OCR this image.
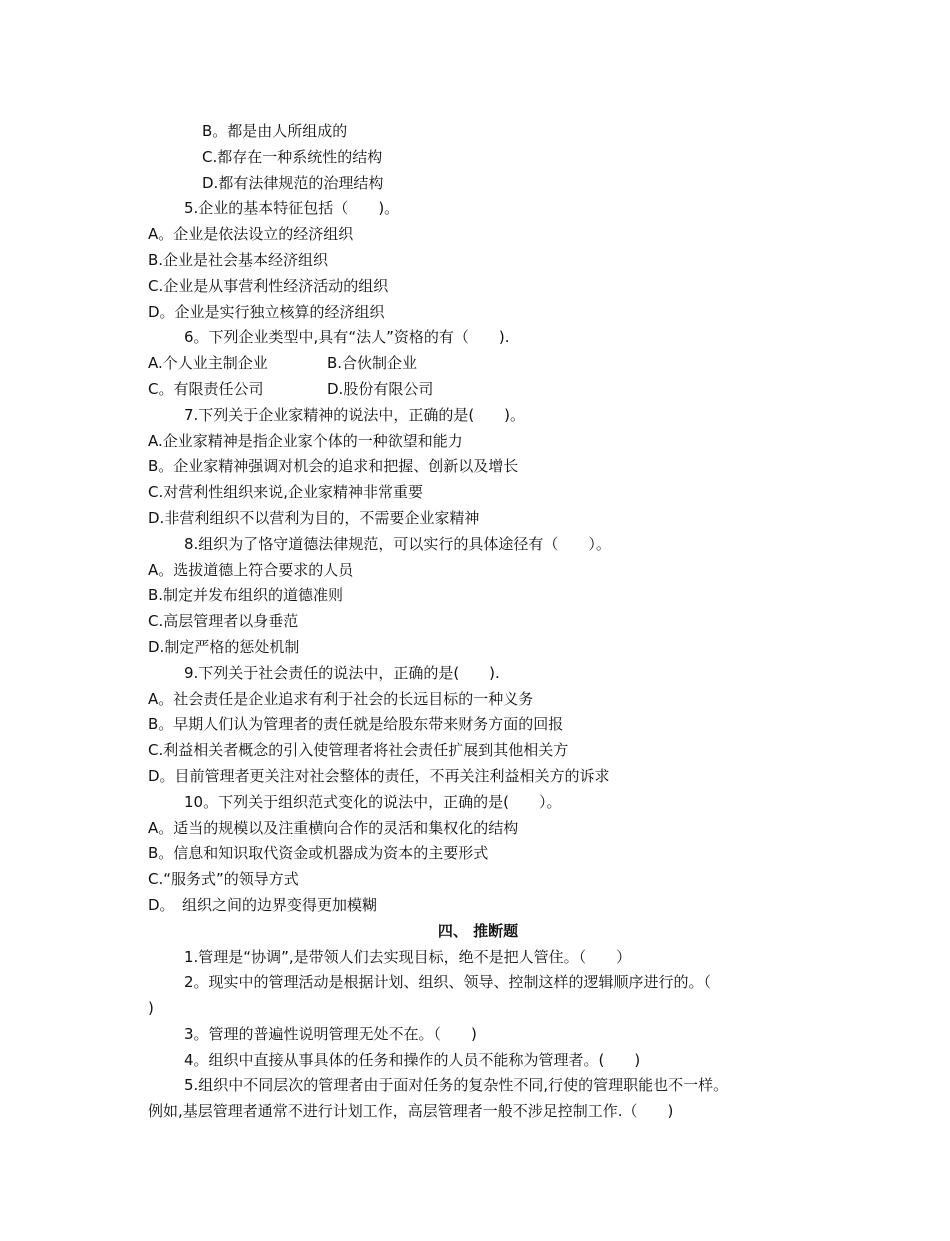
B。都是由人所组成的
C.都存在一种系统性的结构
D.都有法律规范的治理结构
5.企业的基本特征包括（　　)。
A。企业是依法设立的经济组织
B.企业是社会基本经济组织
C.企业是从事营利性经济活动的组织
D。企业是实行独立核算的经济组织
6。下列企业类型中,具有“法人”资格的有（　　).
A.个人业主制企业	B.合伙制企业
C。有限责任公司	D.股份有限公司
7.下列关于企业家精神的说法中，正确的是(　　)。
A.企业家精神是指企业家个体的一种欲望和能力
B。企业家精神强调对机会的追求和把握、创新以及增长
C.对营利性组织来说,企业家精神非常重要
D.非营利组织不以营利为目的，不需要企业家精神
8.组织为了恪守道德法律规范，可以实行的具体途径有（　　）。
A。选拔道德上符合要求的人员
B.制定并发布组织的道德准则
C.高层管理者以身垂范
D.制定严格的惩处机制
9.下列关于社会责任的说法中，正确的是(　　).
A。社会责任是企业追求有利于社会的长远目标的一种义务
B。早期人们认为管理者的责任就是给股东带来财务方面的回报
C.利益相关者概念的引入使管理者将社会责任扩展到其他相关方
D。目前管理者更关注对社会整体的责任，不再关注利益相关方的诉求
10。下列关于组织范式变化的说法中，正确的是(　　）。
A。适当的规模以及注重横向合作的灵活和集权化的结构
B。信息和知识取代资金或机器成为资本的主要形式
C.“服务式”的领导方式
D。　组织之间的边界变得更加模糊
四、 推断题
1.管理是“协调”,是带领人们去实现目标，绝不是把人管住。（　　）
2。现实中的管理活动是根据计划、组织、领导、控制这样的逻辑顺序进行的。（
)
3。管理的普遍性说明管理无处不在。（　　)
4。组织中直接从事具体的任务和操作的人员不能称为管理者。(　　)
5.组织中不同层次的管理者由于面对任务的复杂性不同,行使的管理职能也不一样。
例如,基层管理者通常不进行计划工作，高层管理者一般不涉足控制工作.（　　)
